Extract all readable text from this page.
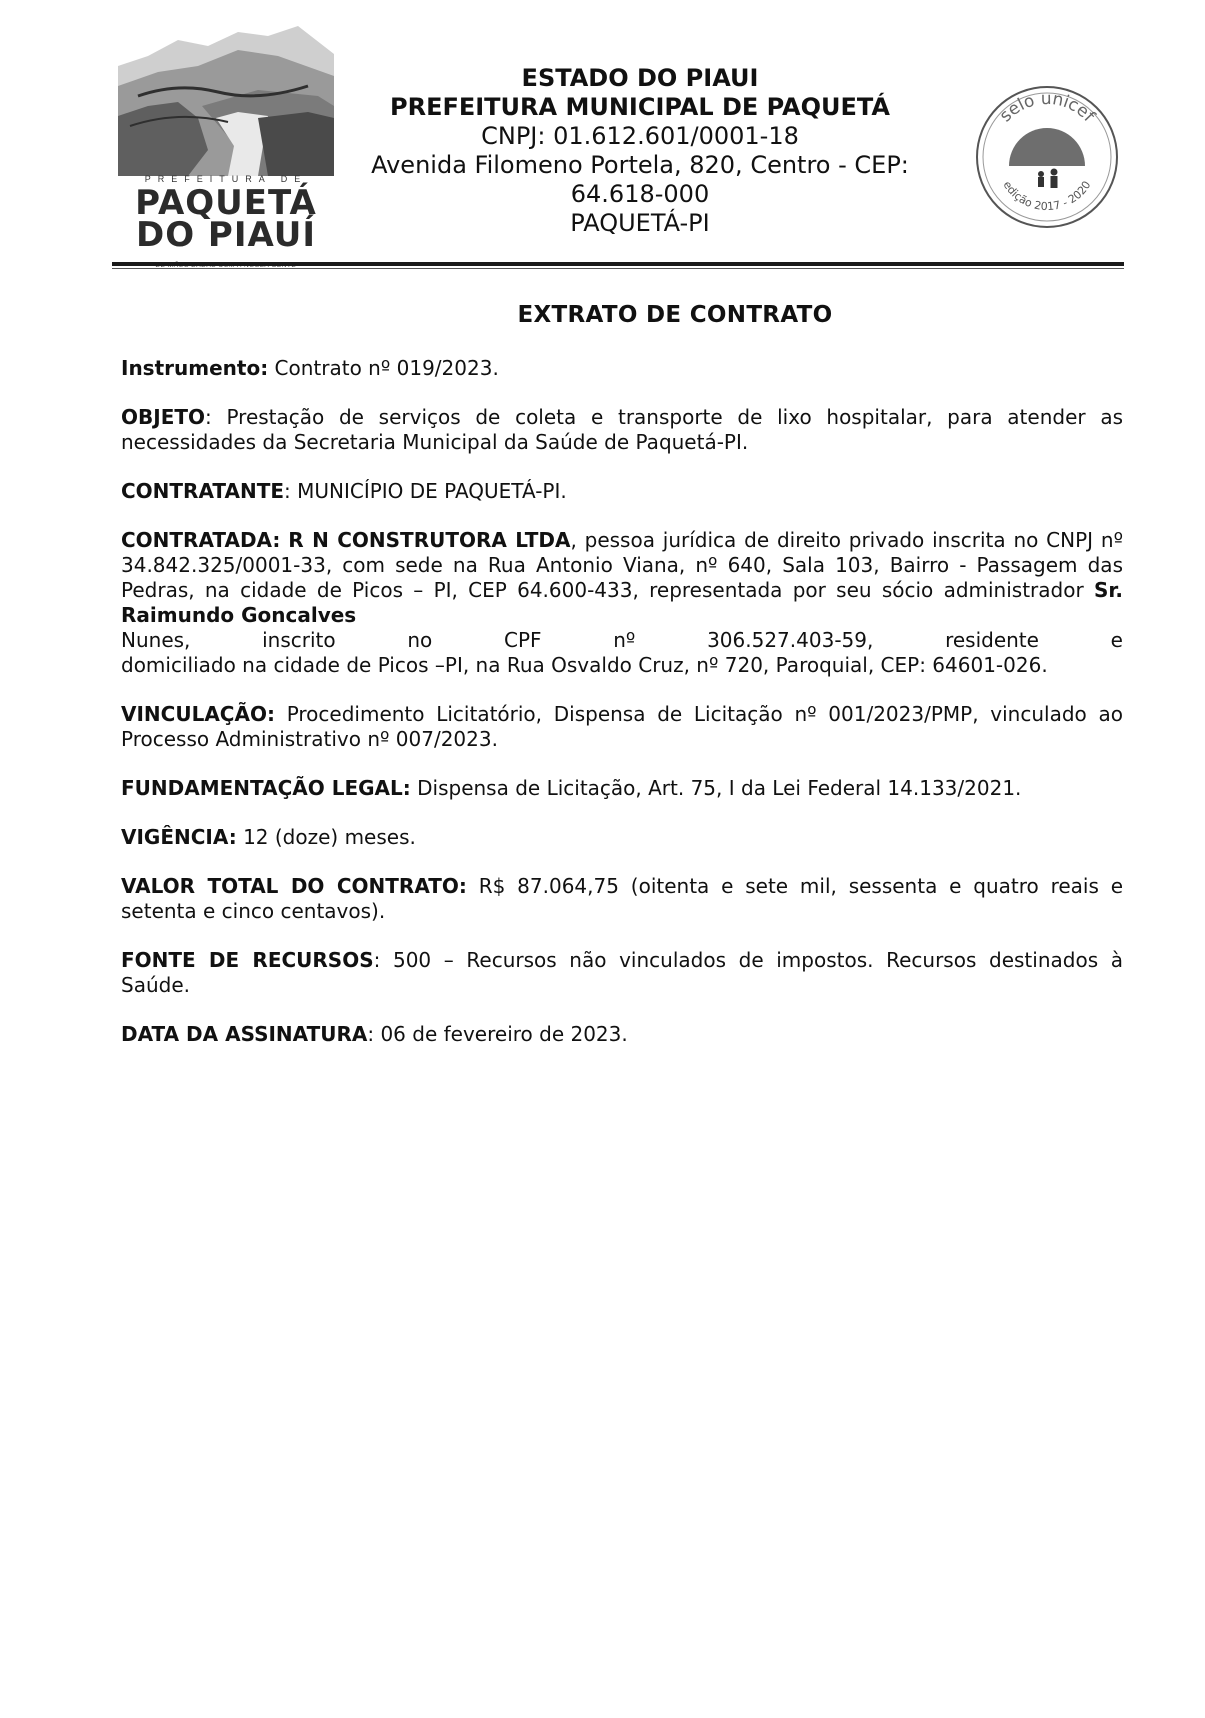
PREFEITURA DE
PAQUETÁ
DO PIAUÍ
ESTADO DO PIAUI
PREFEITURA MUNICIPAL DE PAQUETÁ
CNPJ: 01.612.601/0001-18
Avenida Filomeno Portela, 820, Centro - CEP: 64.618-000
PAQUETÁ-PI
selo unicef
edição 2017 - 2020
EXTRATO DE CONTRATO

Instrumento: Contrato nº 019/2023.

OBJETO: Prestação de serviços de coleta e transporte de lixo hospitalar, para atender as necessidades da Secretaria Municipal da Saúde de Paquetá-PI.

CONTRATANTE: MUNICÍPIO DE PAQUETÁ-PI.

CONTRATADA: R N CONSTRUTORA LTDA, pessoa jurídica de direito privado inscrita no CNPJ nº 34.842.325/0001-33, com sede na Rua Antonio Viana, nº 640, Sala 103, Bairro - Passagem das Pedras, na cidade de Picos – PI, CEP 64.600-433, representada por seu sócio administrador Sr. Raimundo Goncalves

Nunes,	inscrito	no	CPF	nº	306.527.403-59,	residente	e

domiciliado na cidade de Picos –PI, na Rua Osvaldo Cruz, nº 720, Paroquial, CEP: 64601-026.

VINCULAÇÃO: Procedimento Licitatório, Dispensa de Licitação nº 001/2023/PMP, vinculado ao Processo Administrativo nº 007/2023.

FUNDAMENTAÇÃO LEGAL: Dispensa de Licitação, Art. 75, I da Lei Federal 14.133/2021.

VIGÊNCIA: 12 (doze) meses.

VALOR TOTAL DO CONTRATO: R$ 87.064,75 (oitenta e sete mil, sessenta e quatro reais e setenta e cinco centavos).

FONTE DE RECURSOS: 500 – Recursos não vinculados de impostos. Recursos destinados à Saúde.

DATA DA ASSINATURA: 06 de fevereiro de 2023.
